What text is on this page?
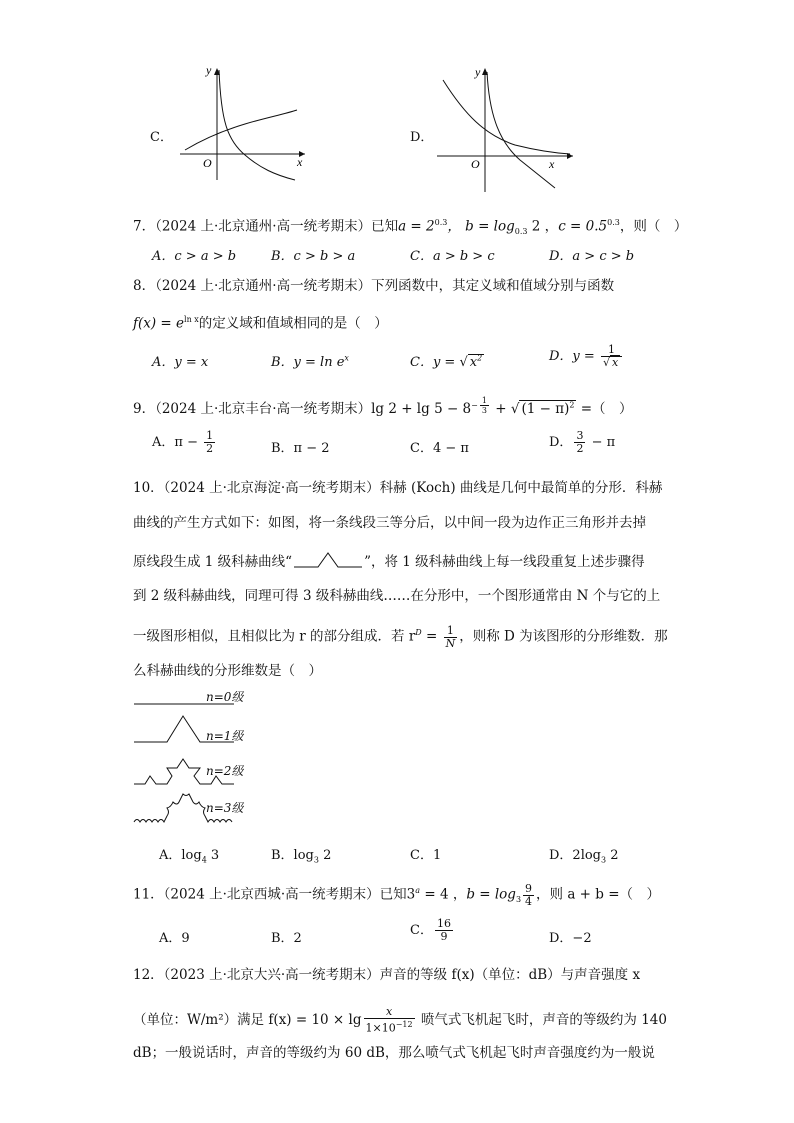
C．
y
x
O
D．
y
x
O
7．（2024 上·北京通州·高一统考期末）已知$a = 2^{0.3}$， $b = \log_{0.3} 2$ ，$c = 0.5^{0.3}$，则（　）
A．c > a > b	B．c > b > a	C．a > b > c	D．a > c > b
8．（2024 上·北京通州·高一统考期末）下列函数中，其定义域和值域分别与函数
$f(x) = e^{ln x}$的定义域和值域相同的是（　）
A．y = x	B．$y = \ln e^x$	C．y = √ $x^2$	D．$y = \frac{1}{√ x}$
9．（2024 上·北京丰台·高一统考期末）lg $2 + \lg 5 - 8^{- \frac{1}{3}}$ + √ $(1 - \pi)^2$ =（　）
A．$\pi - \frac{1}{2}$	B．π − 2	C．4 − π	D． $\frac{3}{2} - \pi$
10．（2024 上·北京海淀·高一统考期末）科赫 (Koch) 曲线是几何中最简单的分形．科赫
曲线的产生方式如下：如图，将一条线段三等分后，以中间一段为边作正三角形并去掉
原线段生成 1 级科赫曲线“	”，将 1 级科赫曲线上每一线段重复上述步骤得
到 2 级科赫曲线，同理可得 3 级科赫曲线……在分形中，一个图形通常由 N 个与它的上
一级图形相似，且相似比为 r 的部分组成．若 $r^D = \frac{1}{N}$ ，则称 D 为该图形的分形维数．那
么科赫曲线的分形维数是（　）
n=0级
n=1级
n=2级
n=3级
A．$\log_4 3$	B．$\log_3 2$	C．1	D．$2\log_3$ 2
11．（2024 上·北京西城·高一统考期末）已知$3^a = 4$ ，$b = \log_3 \frac{9}{4}$ ，则 a + b =（　）
A．9	B．2
C． $\frac{16}{9}$	D．−2
12．（2023 上·北京大兴·高一统考期末）声音的等级 f(x)（单位：dB）与声音强度 x
（单位：W/m²）满足 $f(x) = 10 \times \lg \frac{x}{1\times 10^{-12}}$ 喷气式飞机起飞时，声音的等级约为 140
dB；一般说话时，声音的等级约为 60 dB，那么喷气式飞机起飞时声音强度约为一般说
